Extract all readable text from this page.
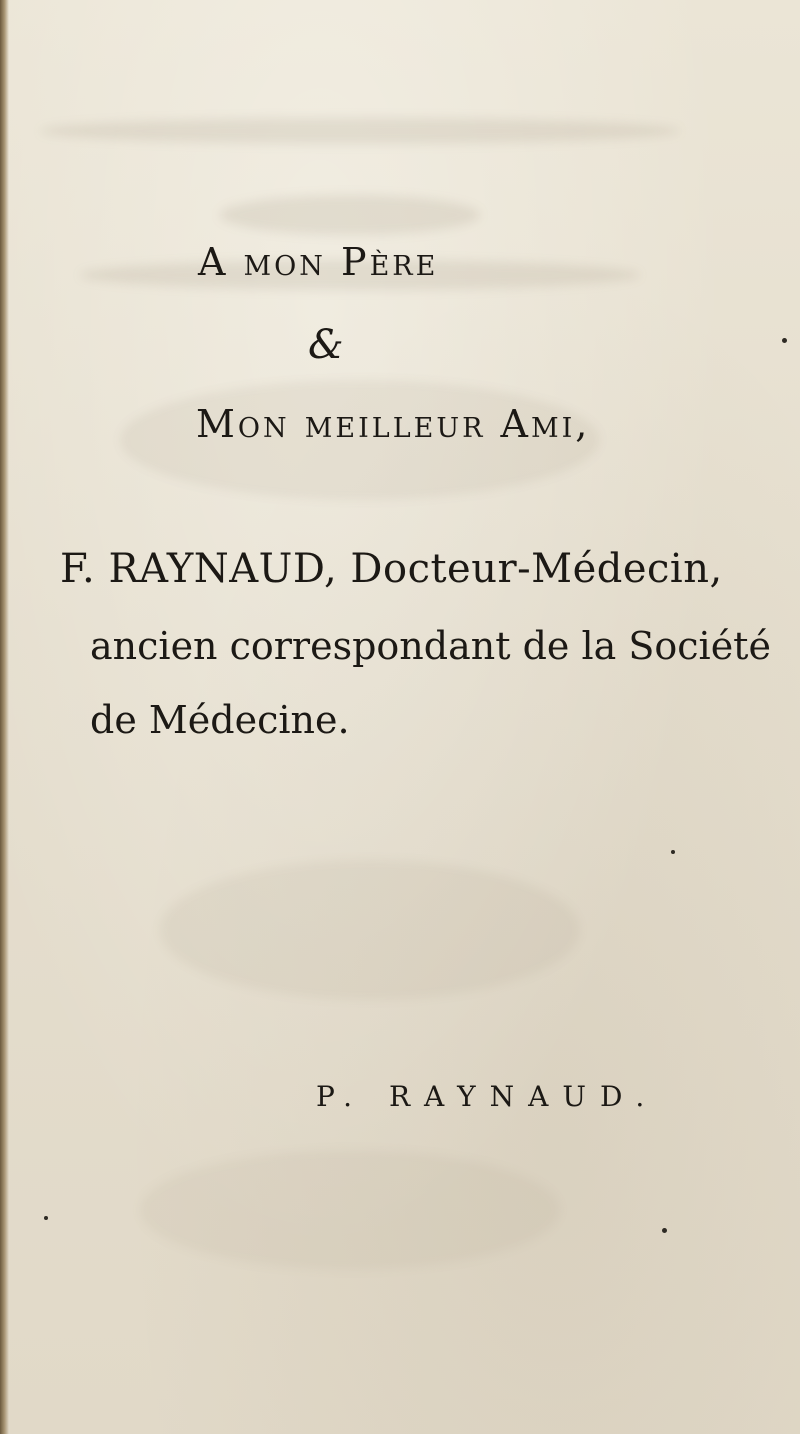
A mon Père
&
Mon meilleur Ami,
F. RAYNAUD, Docteur-Médecin,
ancien correspondant de la Société
de Médecine.
P. RAYNAUD.
